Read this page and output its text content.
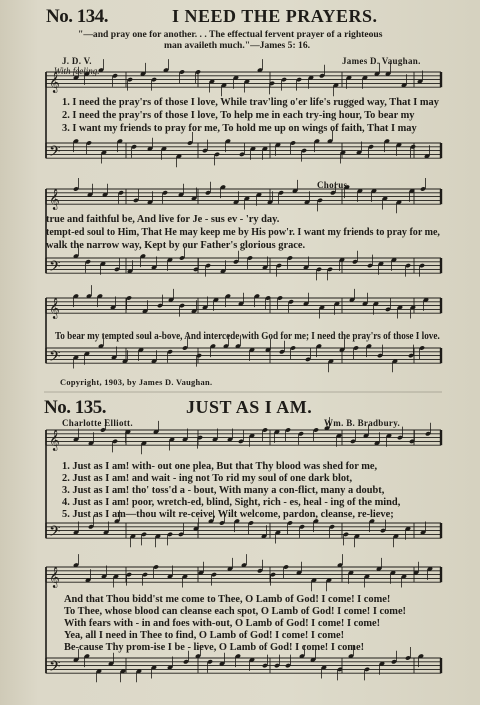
𝄞
𝄢
𝄞
𝄢
𝄞
𝄢
𝄞
𝄢
𝄞
𝄢
No. 134.	I NEED THE PRAYERS.
"—and pray one for another. . . The effectual fervent prayer of a righteous
man availeth much."—James 5: 16.
J. D. V.	James D. Vaughan.
With feeling.
1. I need the pray'rs of those I love, While trav'ling o'er life's rugged way, That I may
2. I need the pray'rs of those I love, To help me in each try-ing hour, To bear my
3. I want my friends to pray for me, To hold me up on wings of faith, That I may
Chorus.
true and faithful be, And live for Je - sus ev - 'ry day.
tempt-ed soul to Him, That He may keep me by His pow'r. I want my friends to pray for me,
walk the narrow way, Kept by our Father's glorious grace.
To bear my tempted soul a-bove, And intercede with God for me; I need the pray'rs of those I love.
Copyright, 1903, by James D. Vaughan.
No. 135.	JUST AS I AM.
Charlotte Elliott.	Wm. B. Bradbury.
1. Just as I am! with- out one plea, But that Thy blood was shed for me,
2. Just as I am! and wait - ing not To rid my soul of one dark blot,
3. Just as I am! tho' toss'd a - bout, With many a con-flict, many a doubt,
4. Just as I am! poor, wretch-ed, blind, Sight, rich - es, heal - ing of the mind,
5. Just as I am—thou wilt re-ceive, Wilt welcome, pardon, cleanse, re-lieve;
And that Thou bidd'st me come to Thee, O Lamb of God! I come! I come!
To Thee, whose blood can cleanse each spot, O Lamb of God! I come! I come!
With fears with - in and foes with-out, O Lamb of God! I come! I come!
Yea, all I need in Thee to find, O Lamb of God! I come! I come!
Be-cause Thy prom-ise I be - lieve, O Lamb of God! I come! I come!
